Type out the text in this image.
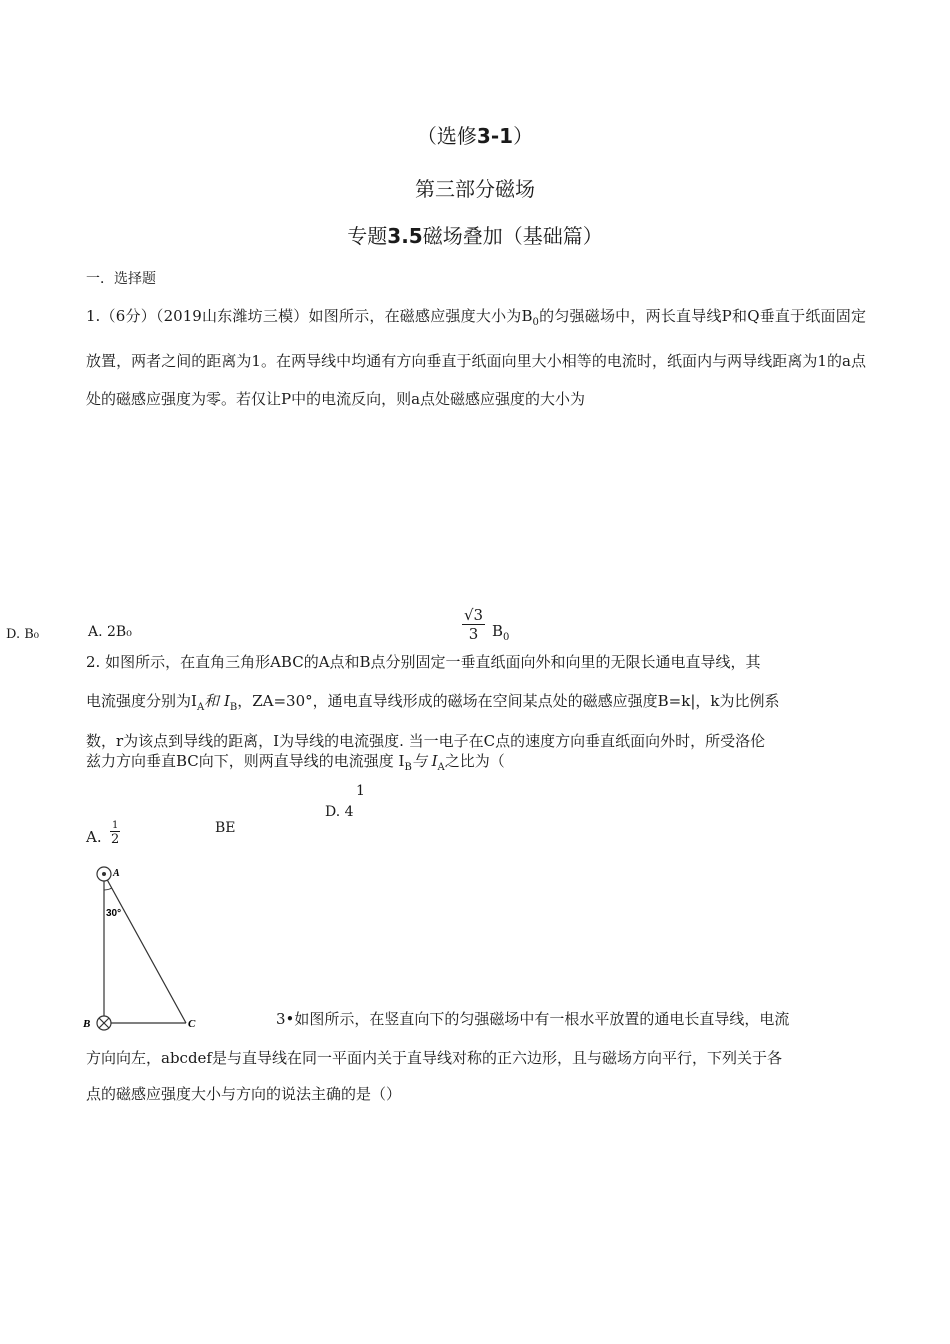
（选修3-1）
第三部分磁场
专题3.5磁场叠加（基础篇）
一．选择题
1.（6分）（2019山东潍坊三模）如图所示，在磁感应强度大小为$B_0$的匀强磁场中，两长直导线P和Q垂直于纸面固定放置，两者之间的距离为1。在两导线中均通有方向垂直于纸面向里大小相等的电流时，纸面内与两导线距离为1的a点处的磁感应强度为零。若仅让P中的电流反向，则a点处磁感应强度的大小为
D. B₀	A. 2B₀	$\frac{√3}{3} B_0$
2. 如图所示，在直角三角形ABC的A点和B点分别固定一垂直纸面向外和向里的无限长通电直导线，其
电流强度分别为$I_A$和 $I_B$，ZA=30°，通电直导线形成的磁场在空间某点处的磁感应强度B=k|，k为比例系
数，r为该点到导线的距离，I为导线的电流强度. 当一电子在C点的速度方向垂直纸面向外时，所受洛伦
兹力方向垂直BC向下，则两直导线的电流强度 $I_B$与 $I_A$之比为（
1
D. 4
A.
1
2
BE
A
B	C
30°
3•如图所示，在竖直向下的匀强磁场中有一根水平放置的通电长直导线，电流
方向向左，abcdef是与直导线在同一平面内关于直导线对称的正六边形，且与磁场方向平行，下列关于各
点的磁感应强度大小与方向的说法主确的是（）
